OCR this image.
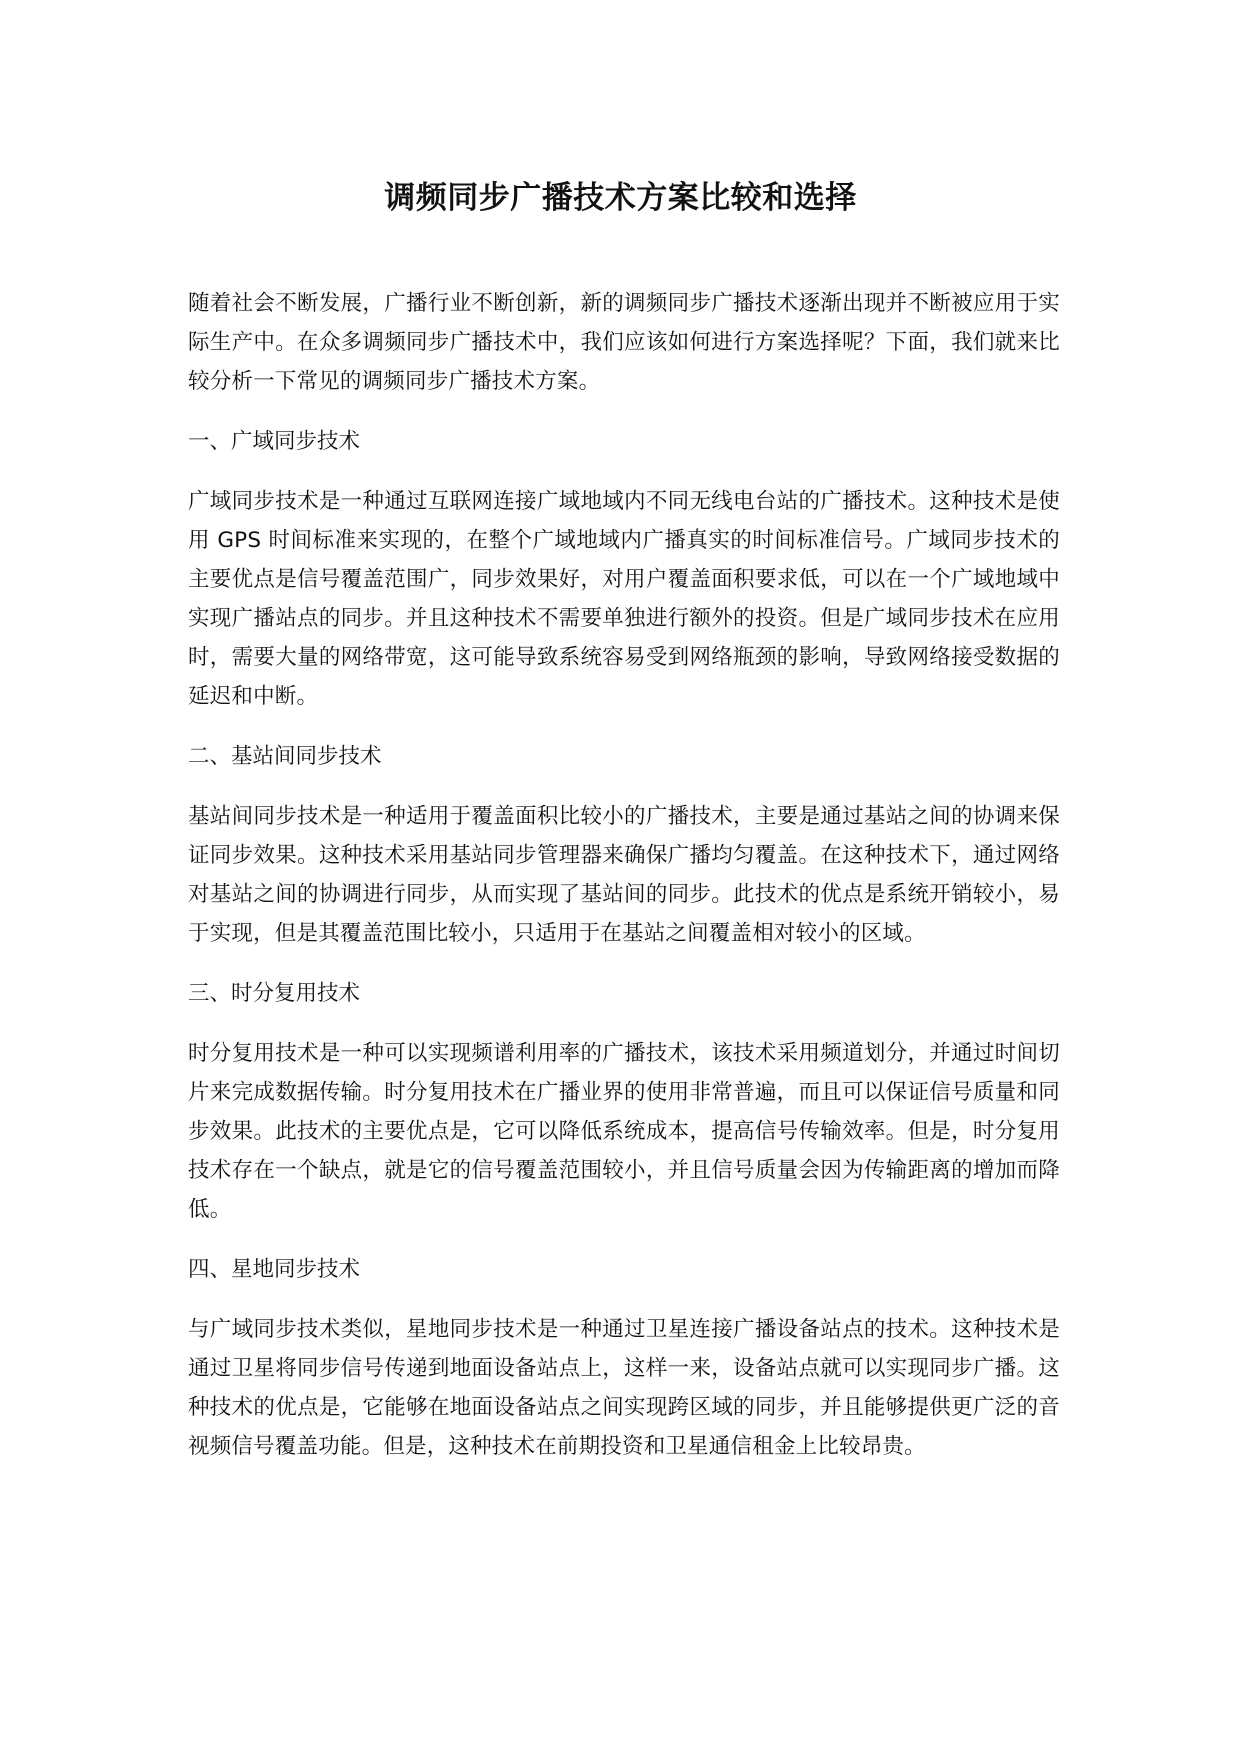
调频同步广播技术方案比较和选择

随着社会不断发展，广播行业不断创新，新的调频同步广播技术逐渐出现并不断被应用于实际生产中。在众多调频同步广播技术中，我们应该如何进行方案选择呢？下面，我们就来比较分析一下常见的调频同步广播技术方案。

一、广域同步技术

广域同步技术是一种通过互联网连接广域地域内不同无线电台站的广播技术。这种技术是使用 GPS 时间标准来实现的，在整个广域地域内广播真实的时间标准信号。广域同步技术的主要优点是信号覆盖范围广，同步效果好，对用户覆盖面积要求低，可以在一个广域地域中实现广播站点的同步。并且这种技术不需要单独进行额外的投资。但是广域同步技术在应用时，需要大量的网络带宽，这可能导致系统容易受到网络瓶颈的影响，导致网络接受数据的延迟和中断。

二、基站间同步技术

基站间同步技术是一种适用于覆盖面积比较小的广播技术，主要是通过基站之间的协调来保证同步效果。这种技术采用基站同步管理器来确保广播均匀覆盖。在这种技术下，通过网络对基站之间的协调进行同步，从而实现了基站间的同步。此技术的优点是系统开销较小，易于实现，但是其覆盖范围比较小，只适用于在基站之间覆盖相对较小的区域。

三、时分复用技术

时分复用技术是一种可以实现频谱利用率的广播技术，该技术采用频道划分，并通过时间切片来完成数据传输。时分复用技术在广播业界的使用非常普遍，而且可以保证信号质量和同步效果。此技术的主要优点是，它可以降低系统成本，提高信号传输效率。但是，时分复用技术存在一个缺点，就是它的信号覆盖范围较小，并且信号质量会因为传输距离的增加而降低。

四、星地同步技术

与广域同步技术类似，星地同步技术是一种通过卫星连接广播设备站点的技术。这种技术是通过卫星将同步信号传递到地面设备站点上，这样一来，设备站点就可以实现同步广播。这种技术的优点是，它能够在地面设备站点之间实现跨区域的同步，并且能够提供更广泛的音视频信号覆盖功能。但是，这种技术在前期投资和卫星通信租金上比较昂贵。
